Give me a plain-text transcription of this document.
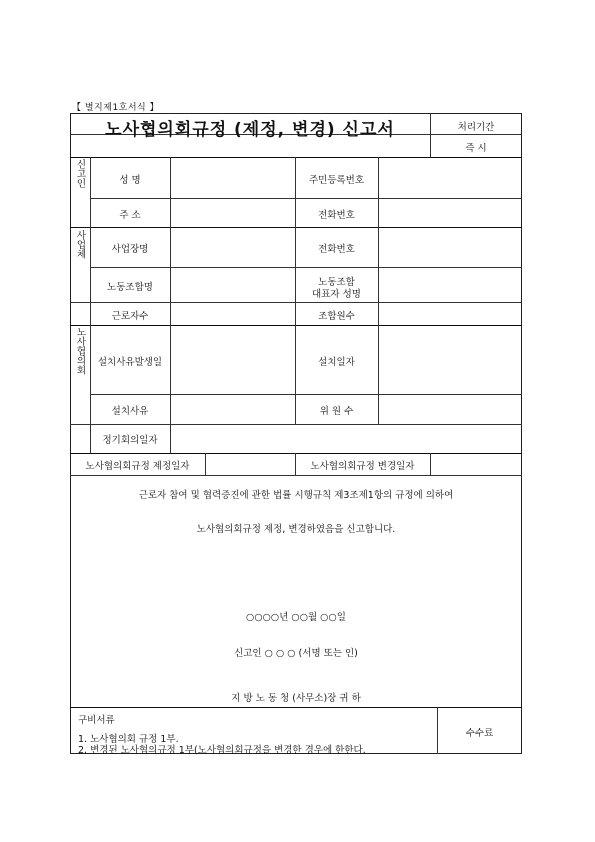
【 별지제1호서식 】
노사협의회규정 (제정, 변경) 신고서	처리기간
즉 시
신고인
사업체
노사협의회
성 명	주민등록번호
주 소	전화번호
사업장명	전화번호
노동조합명	노동조합
대표자 성명
근로자수	조합원수
설치사유발생일	설치일자
설치사유	위 원 수
정기회의일자
노사협의회규정 제정일자	노사협의회규정 변경일자
근로자 참여 및 협력증진에 관한 법률 시행규칙 제3조제1항의 규정에 의하여
노사협의회규정 제정, 변경하였음을 신고합니다.
○○○○년 ○○월 ○○일
신고인 ○ ○ ○ (서명 또는 인)
지 방 노 동 청 (사무소)장 귀 하
구비서류
1. 노사협의회 규정 1부.
2. 변경된 노사협의규정 1부(노사협의회규정을 변경한 경우에 한한다.
수수료
